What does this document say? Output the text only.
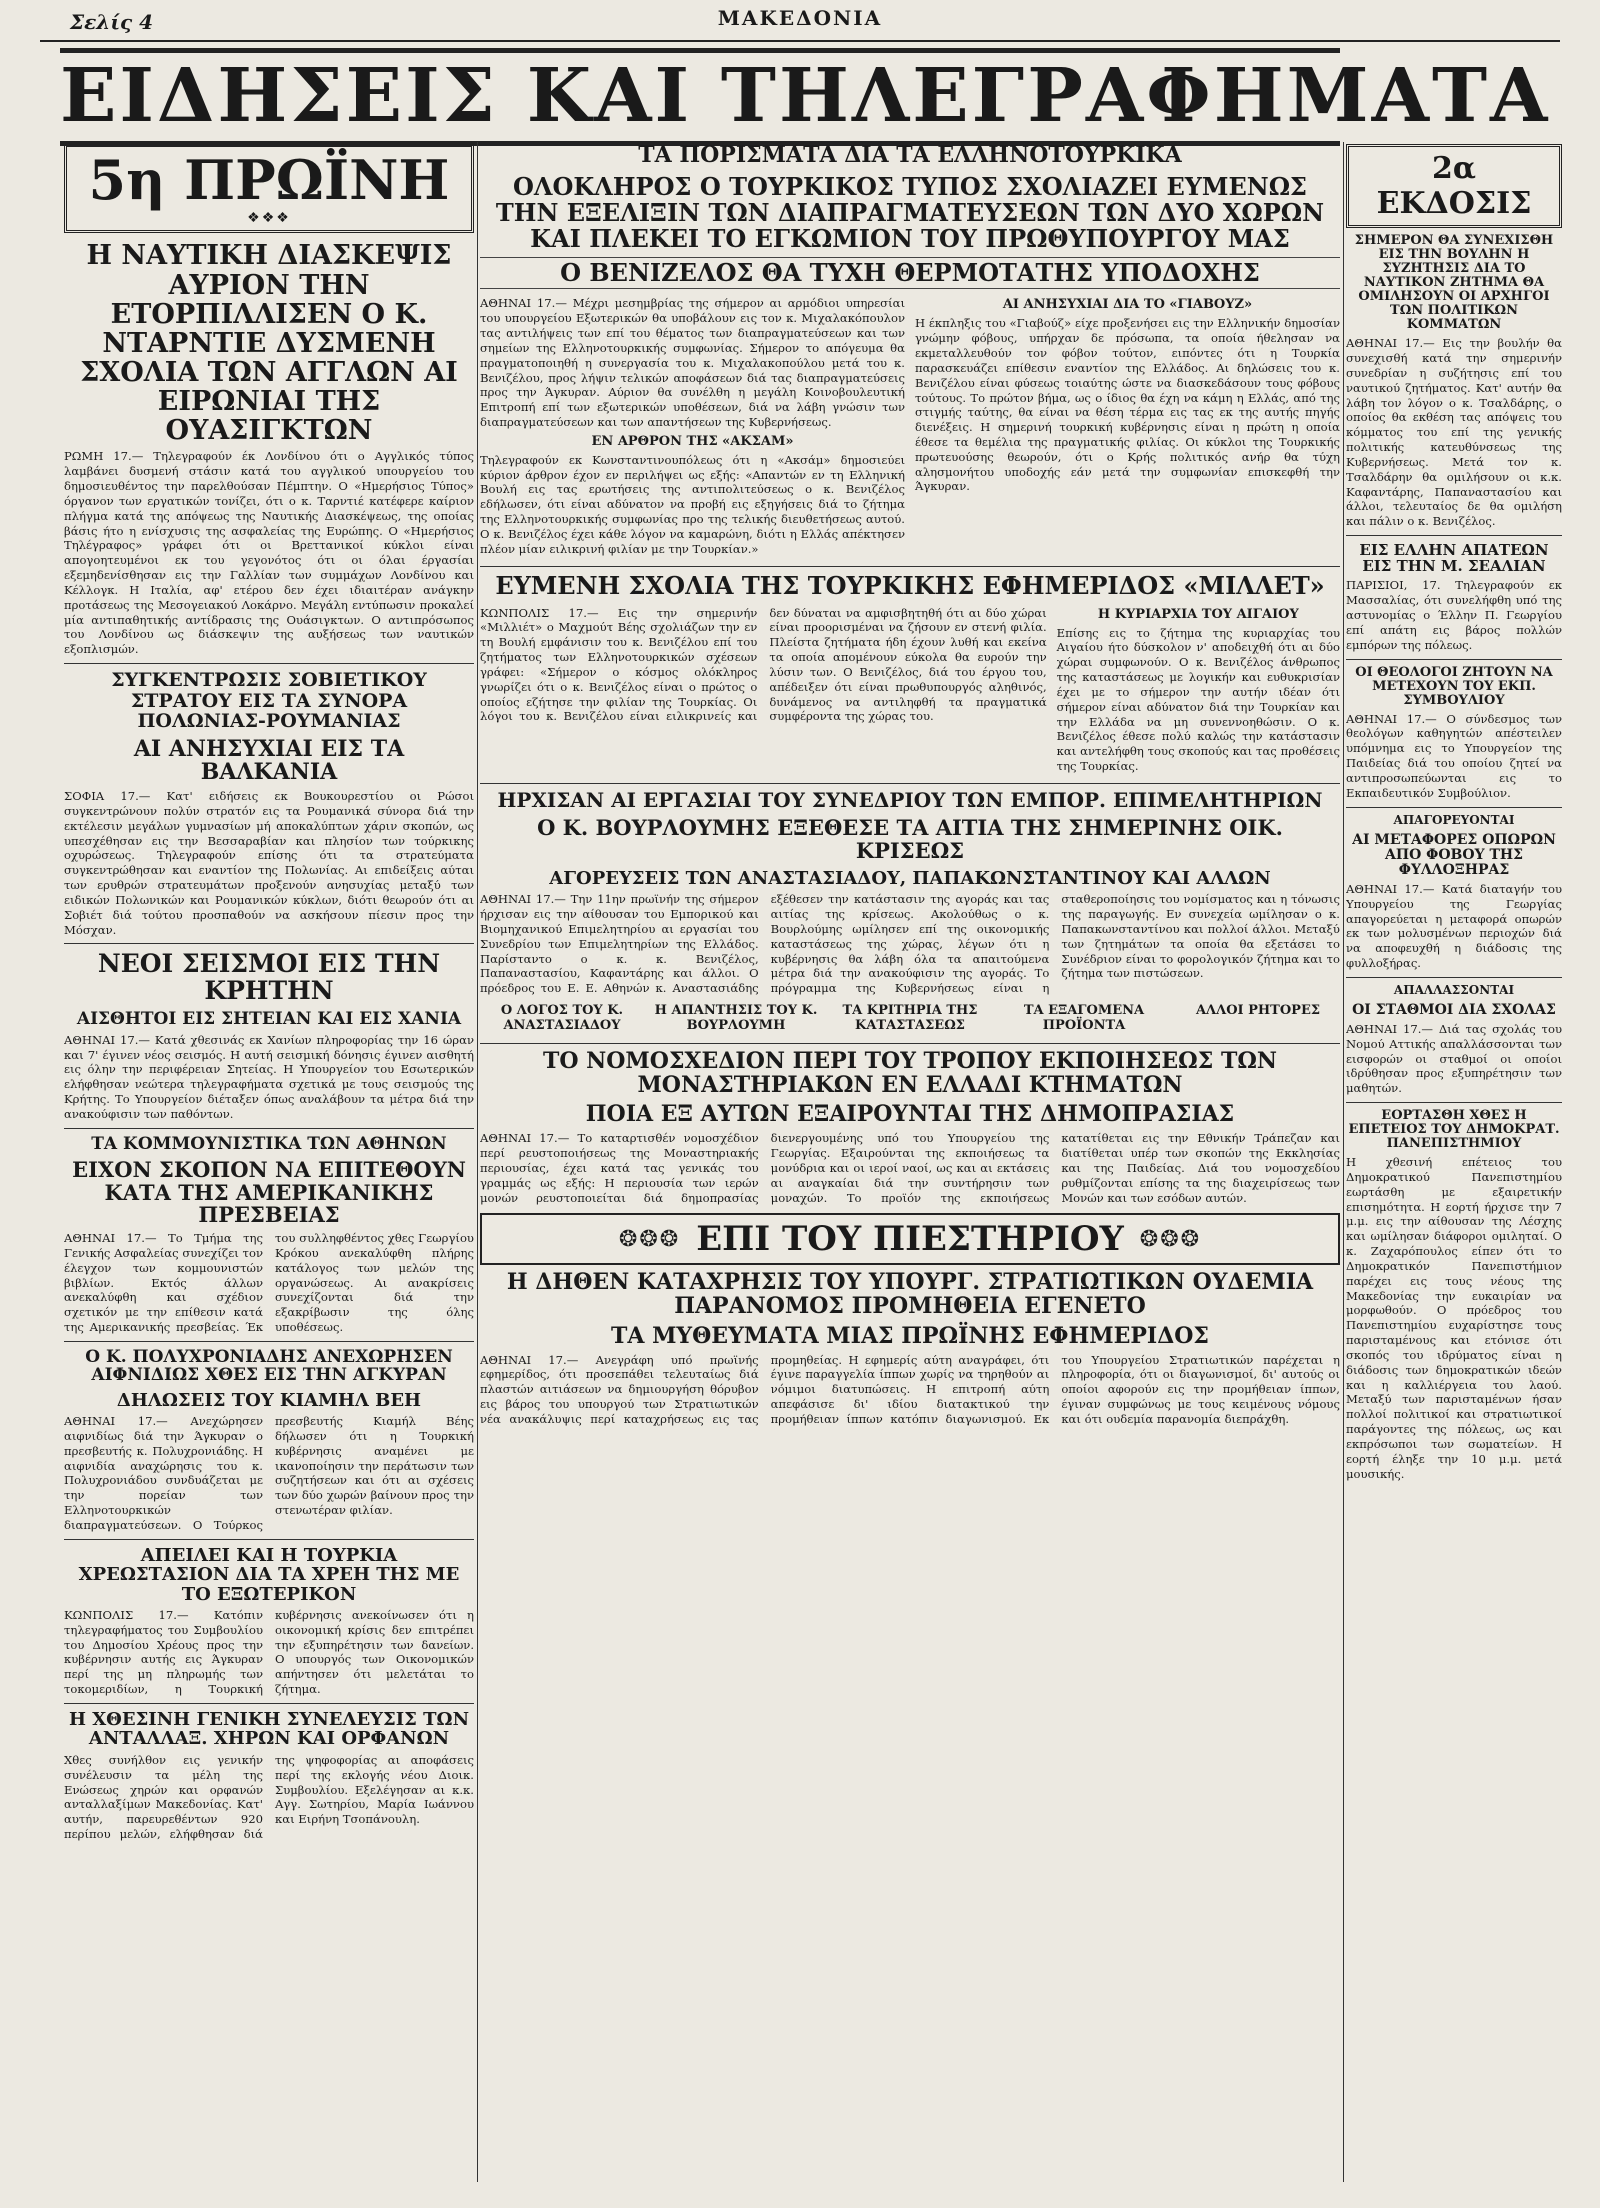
Σελίς 4	ΜΑΚΕΔΟΝΙΑ
ΕΙΔΗΣΕΙΣ ΚΑΙ ΤΗΛΕΓΡΑΦΗΜΑΤΑ
5η ΠΡΩΪΝΗ
❖❖❖
Η ΝΑΥΤΙΚΗ ΔΙΑΣΚΕΨΙΣ ΑΥΡΙΟΝ ΤΗΝ ΕΤΟΡΠΙΛΛΙΣΕΝ Ο Κ. ΝΤΑΡΝΤΙΕ ΔΥΣΜΕΝΗ ΣΧΟΛΙΑ ΤΩΝ ΑΓΓΛΩΝ ΑΙ ΕΙΡΩΝΙΑΙ ΤΗΣ ΟΥΑΣΙΓΚΤΩΝ
ΡΩΜΗ 17.— Τηλεγραφούν έκ Λονδίνου ότι ο Αγγλικός τύπος λαμβάνει δυσμενή στάσιν κατά του αγγλικού υπουργείου του δημοσιευθέντος την παρελθούσαν Πέμπτην. Ο «Ημερήσιος Τύπος» όργανον των εργατικών τονίζει, ότι ο κ. Ταρντιέ κατέφερε καίριον πλήγμα κατά της απόψεως της Ναυτικής Διασκέψεως, της οποίας βάσις ήτο η ενίσχυσις της ασφαλείας της Ευρώπης. Ο «Ημερήσιος Τηλέγραφος» γράφει ότι οι Βρεττανικοί κύκλοι είναι απογοητευμένοι εκ του γεγονότος ότι οι όλαι έργασίαι εξεμηδενίσθησαν εις την Γαλλίαν των συμμάχων Λονδίνου και Κέλλογκ. Η Ιταλία, αφ' ετέρου δεν έχει ιδιαιτέραν ανάγκην προτάσεως της Μεσογειακού Λοκάρνο. Μεγάλη εντύπωσιν προκαλεί μία αντιπαθητικής αντίδρασις της Ουάσιγκτων. Ο αντιπρόσωπος του Λονδίνου ως διάσκεψιν της αυξήσεως των ναυτικών εξοπλισμών.
ΣΥΓΚΕΝΤΡΩΣΙΣ ΣΟΒΙΕΤΙΚΟΥ ΣΤΡΑΤΟΥ ΕΙΣ ΤΑ ΣΥΝΟΡΑ ΠΟΛΩΝΙΑΣ-ΡΟΥΜΑΝΙΑΣ
ΑΙ ΑΝΗΣΥΧΙΑΙ ΕΙΣ ΤΑ ΒΑΛΚΑΝΙΑ
ΣΟΦΙΑ 17.— Κατ' ειδήσεις εκ Βουκουρεστίου οι Ρώσοι συγκεντρώνουν πολύν στρατόν εις τα Ρουμανικά σύνορα διά την εκτέλεσιν μεγάλων γυμνασίων μή αποκαλύπτων χάριν σκοπών, ως υπεσχέθησαν εις την Βεσσαραβίαν και πλησίον των τούρκικης οχυρώσεως. Τηλεγραφούν επίσης ότι τα στρατεύματα συγκεντρώθησαν και εναντίον της Πολωνίας. Αι επιδείξεις αύται των ερυθρών στρατευμάτων προξενούν ανησυχίας μεταξύ των ειδικών Πολωνικών και Ρουμανικών κύκλων, διότι θεωρούν ότι αι Σοβιέτ διά τούτου προσπαθούν να ασκήσουν πίεσιν προς την Μόσχαν.
ΝΕΟΙ ΣΕΙΣΜΟΙ ΕΙΣ ΤΗΝ ΚΡΗΤΗΝ
ΑΙΣΘΗΤΟΙ ΕΙΣ ΣΗΤΕΙΑΝ ΚΑΙ ΕΙΣ ΧΑΝΙΑ
ΑΘΗΝΑΙ 17.— Κατά χθεσινάς εκ Χανίων πληροφορίας την 16 ώραν και 7' έγινεν νέος σεισμός. Η αυτή σεισμική δόνησις έγινεν αισθητή εις όλην την περιφέρειαν Σητείας. Η Υπουργείον του Εσωτερικών ελήφθησαν νεώτερα τηλεγραφήματα σχετικά με τους σεισμούς της Κρήτης. Το Υπουργείον διέταξεν όπως αναλάβουν τα μέτρα διά την ανακούφισιν των παθόντων.
ΤΑ ΚΟΜΜΟΥΝΙΣΤΙΚΑ ΤΩΝ ΑΘΗΝΩΝ
ΕΙΧΟΝ ΣΚΟΠΟΝ ΝΑ ΕΠΙΤΕΘΟΥΝ ΚΑΤΑ ΤΗΣ ΑΜΕΡΙΚΑΝΙΚΗΣ ΠΡΕΣΒΕΙΑΣ
ΑΘΗΝΑΙ 17.— Το Τμήμα της Γενικής Ασφαλείας συνεχίζει τον έλεγχον των κομμουνιστών βιβλίων. Εκτός άλλων ανεκαλύφθη και σχέδιον σχετικόν με την επίθεσιν κατά της Αμερικανικής πρεσβείας. Έκ του συλληφθέντος χθες Γεωργίου Κρόκου ανεκαλύφθη πλήρης κατάλογος των μελών της οργανώσεως. Αι ανακρίσεις συνεχίζονται διά την εξακρίβωσιν της όλης υποθέσεως.
Ο Κ. ΠΟΛΥΧΡΟΝΙΑΔΗΣ ΑΝΕΧΩΡΗΣΕΝ ΑΙΦΝΙΔΙΩΣ ΧΘΕΣ ΕΙΣ ΤΗΝ ΑΓΚΥΡΑΝ
ΔΗΛΩΣΕΙΣ ΤΟΥ ΚΙΑΜΗΛ ΒΕΗ
ΑΘΗΝΑΙ 17.— Ανεχώρησεν αιφνιδίως διά την Άγκυραν ο πρεσβευτής κ. Πολυχρονιάδης. Η αιφνιδία αναχώρησις του κ. Πολυχρονιάδου συνδυάζεται με την πορείαν των Ελληνοτουρκικών διαπραγματεύσεων. Ο Τούρκος πρεσβευτής Κιαμήλ Βέης δήλωσεν ότι η Τουρκική κυβέρνησις αναμένει με ικανοποίησιν την περάτωσιν των συζητήσεων και ότι αι σχέσεις των δύο χωρών βαίνουν προς την στενωτέραν φιλίαν.
ΑΠΕΙΛΕΙ ΚΑΙ Η ΤΟΥΡΚΙΑ ΧΡΕΩΣΤΑΣΙΟΝ ΔΙΑ ΤΑ ΧΡΕΗ ΤΗΣ ΜΕ ΤΟ ΕΞΩΤΕΡΙΚΟΝ
ΚΩΝΠΟΛΙΣ 17.— Κατόπιν τηλεγραφήματος του Συμβουλίου του Δημοσίου Χρέους προς την κυβέρνησιν αυτής εις Άγκυραν περί της μη πληρωμής των τοκομεριδίων, η Τουρκική κυβέρνησις ανεκοίνωσεν ότι η οικονομική κρίσις δεν επιτρέπει την εξυπηρέτησιν των δανείων. Ο υπουργός των Οικονομικών απήντησεν ότι μελετάται το ζήτημα.
Η ΧΘΕΣΙΝΗ ΓΕΝΙΚΗ ΣΥΝΕΛΕΥΣΙΣ ΤΩΝ ΑΝΤΑΛΛΑΞ. ΧΗΡΩΝ ΚΑΙ ΟΡΦΑΝΩΝ
Χθες συνήλθον εις γενικήν συνέλευσιν τα μέλη της Ενώσεως χηρών και ορφανών ανταλλαξίμων Μακεδονίας. Κατ' αυτήν, παρευρεθέντων 920 περίπου μελών, ελήφθησαν διά της ψηφοφορίας αι αποφάσεις περί της εκλογής νέου Διοικ. Συμβουλίου. Εξελέγησαν αι κ.κ. Αγγ. Σωτηρίου, Μαρία Ιωάννου και Ειρήνη Τσοπάνουλη.
ΤΑ ΠΟΡΙΣΜΑΤΑ ΔΙΑ ΤΑ ΕΛΛΗΝΟΤΟΥΡΚΙΚΑ
ΟΛΟΚΛΗΡΟΣ Ο ΤΟΥΡΚΙΚΟΣ ΤΥΠΟΣ ΣΧΟΛΙΑΖΕΙ ΕΥΜΕΝΩΣ ΤΗΝ ΕΞΕΛΙΞΙΝ ΤΩΝ ΔΙΑΠΡΑΓΜΑΤΕΥΣΕΩΝ ΤΩΝ ΔΥΟ ΧΩΡΩΝ ΚΑΙ ΠΛΕΚΕΙ ΤΟ ΕΓΚΩΜΙΟΝ ΤΟΥ ΠΡΩΘΥΠΟΥΡΓΟΥ ΜΑΣ
Ο ΒΕΝΙΖΕΛΟΣ ΘΑ ΤΥΧΗ ΘΕΡΜΟΤΑΤΗΣ ΥΠΟΔΟΧΗΣ
ΑΘΗΝΑΙ 17.— Μέχρι μεσημβρίας της σήμερον αι αρμόδιοι υπηρεσίαι του υπουργείου Εξωτερικών θα υποβάλουν εις τον κ. Μιχαλακόπουλον τας αντιλήψεις των επί του θέματος των διαπραγματεύσεων και των σημείων της Ελληνοτουρκικής συμφωνίας. Σήμερον το απόγευμα θα πραγματοποιηθή η συνεργασία του κ. Μιχαλακοπούλου μετά του κ. Βενιζέλου, προς λήψιν τελικών αποφάσεων διά τας διαπραγματεύσεις προς την Άγκυραν. Αύριον θα συνέλθη η μεγάλη Κοινοβουλευτική Επιτροπή επί των εξωτερικών υποθέσεων, διά να λάβη γνώσιν των διαπραγματεύσεων και των απαντήσεων της Κυβερνήσεως.
ΕΝ ΑΡΘΡΟΝ ΤΗΣ «ΑΚΣΑΜ»
Τηλεγραφούν εκ Κωνσταντινουπόλεως ότι η «Ακσάμ» δημοσιεύει κύριον άρθρον έχον εν περιλήψει ως εξής: «Απαντών εν τη Ελληνική Βουλή εις τας ερωτήσεις της αντιπολιτεύσεως ο κ. Βενιζέλος εδήλωσεν, ότι είναι αδύνατον να προβή εις εξηγήσεις διά το ζήτημα της Ελληνοτουρκικής συμφωνίας προ της τελικής διευθετήσεως αυτού. Ο κ. Βενιζέλος έχει κάθε λόγον να καμαρώνη, διότι η Ελλάς απέκτησεν πλέον μίαν ειλικρινή φιλίαν με την Τουρκίαν.»
ΑΙ ΑΝΗΣΥΧΙΑΙ ΔΙΑ ΤΟ «ΓΙΑΒΟΥΖ»
Η έκπληξις του «Γιαβούζ» είχε προξενήσει εις την Ελληνικήν δημοσίαν γνώμην φόβους, υπήρχαν δε πρόσωπα, τα οποία ήθελησαν να εκμεταλλευθούν τον φόβον τούτον, ειπόντες ότι η Τουρκία παρασκευάζει επίθεσιν εναντίον της Ελλάδος. Αι δηλώσεις του κ. Βενιζέλου είναι φύσεως τοιαύτης ώστε να διασκεδάσουν τους φόβους τούτους. Το πρώτον βήμα, ως ο ίδιος θα έχη να κάμη η Ελλάς, από της στιγμής ταύτης, θα είναι να θέση τέρμα εις τας εκ της αυτής πηγής διενέξεις. Η σημερινή τουρκική κυβέρνησις είναι η πρώτη η οποία έθεσε τα θεμέλια της πραγματικής φιλίας. Οι κύκλοι της Τουρκικής πρωτευούσης θεωρούν, ότι ο Κρής πολιτικός ανήρ θα τύχη αλησμονήτου υποδοχής εάν μετά την συμφωνίαν επισκεφθή την Άγκυραν.
ΕΥΜΕΝΗ ΣΧΟΛΙΑ ΤΗΣ ΤΟΥΡΚΙΚΗΣ ΕΦΗΜΕΡΙΔΟΣ «ΜΙΛΛΕΤ»
ΚΩΝΠΟΛΙΣ 17.— Εις την σημερινήν «Μιλλιέτ» ο Μαχμούτ Βέης σχολιάζων την εν τη Βουλή εμφάνισιν του κ. Βενιζέλου επί του ζητήματος των Ελληνοτουρκικών σχέσεων γράφει: «Σήμερον ο κόσμος ολόκληρος γνωρίζει ότι ο κ. Βενιζέλος είναι ο πρώτος ο οποίος εζήτησε την φιλίαν της Τουρκίας. Οι λόγοι του κ. Βενιζέλου είναι ειλικρινείς και δεν δύναται να αμφισβητηθή ότι αι δύο χώραι είναι προορισμέναι να ζήσουν εν στενή φιλία. Πλείστα ζητήματα ήδη έχουν λυθή και εκείνα τα οποία απομένουν εύκολα θα ευρούν την λύσιν των. Ο Βενιζέλος, διά του έργου του, απέδειξεν ότι είναι πρωθυπουργός αληθινός, δυνάμενος να αντιληφθή τα πραγματικά συμφέροντα της χώρας του.
Η ΚΥΡΙΑΡΧΙΑ ΤΟΥ ΑΙΓΑΙΟΥ
Επίσης εις το ζήτημα της κυριαρχίας του Αιγαίου ήτο δύσκολον ν' αποδειχθή ότι αι δύο χώραι συμφωνούν. Ο κ. Βενιζέλος άνθρωπος της καταστάσεως με λογικήν και ευθυκρισίαν έχει με το σήμερον την αυτήν ιδέαν ότι σήμερον είναι αδύνατον διά την Τουρκίαν και την Ελλάδα να μη συνεννοηθώσιν. Ο κ. Βενιζέλος έθεσε πολύ καλώς την κατάστασιν και αντελήφθη τους σκοπούς και τας προθέσεις της Τουρκίας.
ΗΡΧΙΣΑΝ ΑΙ ΕΡΓΑΣΙΑΙ ΤΟΥ ΣΥΝΕΔΡΙΟΥ ΤΩΝ ΕΜΠΟΡ. ΕΠΙΜΕΛΗΤΗΡΙΩΝ
Ο Κ. ΒΟΥΡΛΟΥΜΗΣ ΕΞΕΘΕΣΕ ΤΑ ΑΙΤΙΑ ΤΗΣ ΣΗΜΕΡΙΝΗΣ ΟΙΚ. ΚΡΙΣΕΩΣ
ΑΓΟΡΕΥΣΕΙΣ ΤΩΝ ΑΝΑΣΤΑΣΙΑΔΟΥ, ΠΑΠΑΚΩΝΣΤΑΝΤΙΝΟΥ ΚΑΙ ΑΛΛΩΝ
ΑΘΗΝΑΙ 17.— Την 11ην πρωϊνήν της σήμερον ήρχισαν εις την αίθουσαν του Εμπορικού και Βιομηχανικού Επιμελητηρίου αι εργασίαι του Συνεδρίου των Επιμελητηρίων της Ελλάδος. Παρίσταντο ο κ. κ. Βενιζέλος, Παπαναστασίου, Καφαντάρης και άλλοι. Ο πρόεδρος του Ε. Ε. Αθηνών κ. Αναστασιάδης εξέθεσεν την κατάστασιν της αγοράς και τας αιτίας της κρίσεως. Ακολούθως ο κ. Βουρλούμης ωμίλησεν επί της οικονομικής καταστάσεως της χώρας, λέγων ότι η κυβέρνησις θα λάβη όλα τα απαιτούμενα μέτρα διά την ανακούφισιν της αγοράς. Το πρόγραμμα της Κυβερνήσεως είναι η σταθεροποίησις του νομίσματος και η τόνωσις της παραγωγής. Εν συνεχεία ωμίλησαν ο κ. Παπακωνσταντίνου και πολλοί άλλοι. Μεταξύ των ζητημάτων τα οποία θα εξετάσει το Συνέδριον είναι το φορολογικόν ζήτημα και το ζήτημα των πιστώσεων.
Ο ΛΟΓΟΣ ΤΟΥ Κ. ΑΝΑΣΤΑΣΙΑΔΟΥ
Η ΑΠΑΝΤΗΣΙΣ ΤΟΥ Κ. ΒΟΥΡΛΟΥΜΗ
ΤΑ ΚΡΙΤΗΡΙΑ ΤΗΣ ΚΑΤΑΣΤΑΣΕΩΣ
ΤΑ ΕΞΑΓΟΜΕΝΑ ΠΡΟΪΟΝΤΑ
ΑΛΛΟΙ ΡΗΤΟΡΕΣ
ΤΟ ΝΟΜΟΣΧΕΔΙΟΝ ΠΕΡΙ ΤΟΥ ΤΡΟΠΟΥ ΕΚΠΟΙΗΣΕΩΣ ΤΩΝ ΜΟΝΑΣΤΗΡΙΑΚΩΝ ΕΝ ΕΛΛΑΔΙ ΚΤΗΜΑΤΩΝ
ΠΟΙΑ ΕΞ ΑΥΤΩΝ ΕΞΑΙΡΟΥΝΤΑΙ ΤΗΣ ΔΗΜΟΠΡΑΣΙΑΣ
ΑΘΗΝΑΙ 17.— Το καταρτισθέν νομοσχέδιον περί ρευστοποιήσεως της Μοναστηριακής περιουσίας, έχει κατά τας γενικάς του γραμμάς ως εξής: Η περιουσία των ιερών μονών ρευστοποιείται διά δημοπρασίας διενεργουμένης υπό του Υπουργείου της Γεωργίας. Εξαιρούνται της εκποιήσεως τα μονύδρια και οι ιεροί ναοί, ως και αι εκτάσεις αι αναγκαίαι διά την συντήρησιν των μοναχών. Το προϊόν της εκποιήσεως κατατίθεται εις την Εθνικήν Τράπεζαν και διατίθεται υπέρ των σκοπών της Εκκλησίας και της Παιδείας. Διά του νομοσχεδίου ρυθμίζονται επίσης τα της διαχειρίσεως των Μονών και των εσόδων αυτών.
❂❂❂ ΕΠΙ ΤΟΥ ΠΙΕΣΤΗΡΙΟΥ ❂❂❂
Η ΔΗΘΕΝ ΚΑΤΑΧΡΗΣΙΣ ΤΟΥ ΥΠΟΥΡΓ. ΣΤΡΑΤΙΩΤΙΚΩΝ ΟΥΔΕΜΙΑ ΠΑΡΑΝΟΜΟΣ ΠΡΟΜΗΘΕΙΑ ΕΓΕΝΕΤΟ
ΤΑ ΜΥΘΕΥΜΑΤΑ ΜΙΑΣ ΠΡΩΪΝΗΣ ΕΦΗΜΕΡΙΔΟΣ
ΑΘΗΝΑΙ 17.— Ανεγράφη υπό πρωϊνής εφημερίδος, ότι προσεπάθει τελευταίως διά πλαστών αιτιάσεων να δημιουργήση θόρυβον εις βάρος του υπουργού των Στρατιωτικών νέα ανακάλυψις περί καταχρήσεως εις τας προμηθείας. Η εφημερίς αύτη αναγράφει, ότι έγινε παραγγελία ίππων χωρίς να τηρηθούν αι νόμιμοι διατυπώσεις. Η επιτροπή αύτη απεφάσισε δι' ιδίου διατακτικού την προμήθειαν ίππων κατόπιν διαγωνισμού. Εκ του Υπουργείου Στρατιωτικών παρέχεται η πληροφορία, ότι οι διαγωνισμοί, δι' αυτούς οι οποίοι αφορούν εις την προμήθειαν ίππων, έγιναν συμφώνως με τους κειμένους νόμους και ότι ουδεμία παρανομία διεπράχθη.
2α ΕΚΔΟΣΙΣ
ΣΗΜΕΡΟΝ ΘΑ ΣΥΝΕΧΙΣΘΗ ΕΙΣ ΤΗΝ ΒΟΥΛΗΝ Η ΣΥΖΗΤΗΣΙΣ ΔΙΑ ΤΟ ΝΑΥΤΙΚΟΝ ΖΗΤΗΜΑ ΘΑ ΟΜΙΛΗΣΟΥΝ ΟΙ ΑΡΧΗΓΟΙ ΤΩΝ ΠΟΛΙΤΙΚΩΝ ΚΟΜΜΑΤΩΝ
ΑΘΗΝΑΙ 17.— Εις την βουλήν θα συνεχισθή κατά την σημερινήν συνεδρίαν η συζήτησις επί του ναυτικού ζητήματος. Κατ' αυτήν θα λάβη τον λόγον ο κ. Τσαλδάρης, ο οποίος θα εκθέση τας απόψεις του κόμματος του επί της γενικής πολιτικής κατευθύνσεως της Κυβερνήσεως. Μετά τον κ. Τσαλδάρην θα ομιλήσουν οι κ.κ. Καφαντάρης, Παπαναστασίου και άλλοι, τελευταίος δε θα ομιλήση και πάλιν ο κ. Βενιζέλος.
ΕΙΣ ΕΛΛΗΝ ΑΠΑΤΕΩΝ ΕΙΣ ΤΗΝ Μ. ΣΕΑΛΙΑΝ
ΠΑΡΙΣΙΟΙ, 17. Τηλεγραφούν εκ Μασσαλίας, ότι συνελήφθη υπό της αστυνομίας ο Έλλην Π. Γεωργίου επί απάτη εις βάρος πολλών εμπόρων της πόλεως.
ΟΙ ΘΕΟΛΟΓΟΙ ΖΗΤΟΥΝ ΝΑ ΜΕΤΕΧΟΥΝ ΤΟΥ ΕΚΠ. ΣΥΜΒΟΥΛΙΟΥ
ΑΘΗΝΑΙ 17.— Ο σύνδεσμος των θεολόγων καθηγητών απέστειλεν υπόμνημα εις το Υπουργείον της Παιδείας διά του οποίου ζητεί να αντιπροσωπεύωνται εις το Εκπαιδευτικόν Συμβούλιον.
ΑΠΑΓΟΡΕΥΟΝΤΑΙ
ΑΙ ΜΕΤΑΦΟΡΕΣ ΟΠΩΡΩΝ ΑΠΟ ΦΟΒΟΥ ΤΗΣ ΦΥΛΛΟΞΗΡΑΣ
ΑΘΗΝΑΙ 17.— Κατά διαταγήν του Υπουργείου της Γεωργίας απαγορεύεται η μεταφορά οπωρών εκ των μολυσμένων περιοχών διά να αποφευχθή η διάδοσις της φυλλοξήρας.
ΑΠΑΛΛΑΣΣΟΝΤΑΙ
ΟΙ ΣΤΑΘΜΟΙ ΔΙΑ ΣΧΟΛΑΣ
ΑΘΗΝΑΙ 17.— Διά τας σχολάς του Νομού Αττικής απαλλάσσονται των εισφορών οι σταθμοί οι οποίοι ιδρύθησαν προς εξυπηρέτησιν των μαθητών.
ΕΟΡΤΑΣΘΗ ΧΘΕΣ Η ΕΠΕΤΕΙΟΣ ΤΟΥ ΔΗΜΟΚΡΑΤ. ΠΑΝΕΠΙΣΤΗΜΙΟΥ
Η χθεσινή επέτειος του Δημοκρατικού Πανεπιστημίου εωρτάσθη με εξαιρετικήν επισημότητα. Η εορτή ήρχισε την 7 μ.μ. εις την αίθουσαν της Λέσχης και ωμίλησαν διάφοροι ομιληταί. Ο κ. Ζαχαρόπουλος είπεν ότι το Δημοκρατικόν Πανεπιστήμιον παρέχει εις τους νέους της Μακεδονίας την ευκαιρίαν να μορφωθούν. Ο πρόεδρος του Πανεπιστημίου ευχαρίστησε τους παρισταμένους και ετόνισε ότι σκοπός του ιδρύματος είναι η διάδοσις των δημοκρατικών ιδεών και η καλλιέργεια του λαού. Μεταξύ των παρισταμένων ήσαν πολλοί πολιτικοί και στρατιωτικοί παράγοντες της πόλεως, ως και εκπρόσωποι των σωματείων. Η εορτή έληξε την 10 μ.μ. μετά μουσικής.
